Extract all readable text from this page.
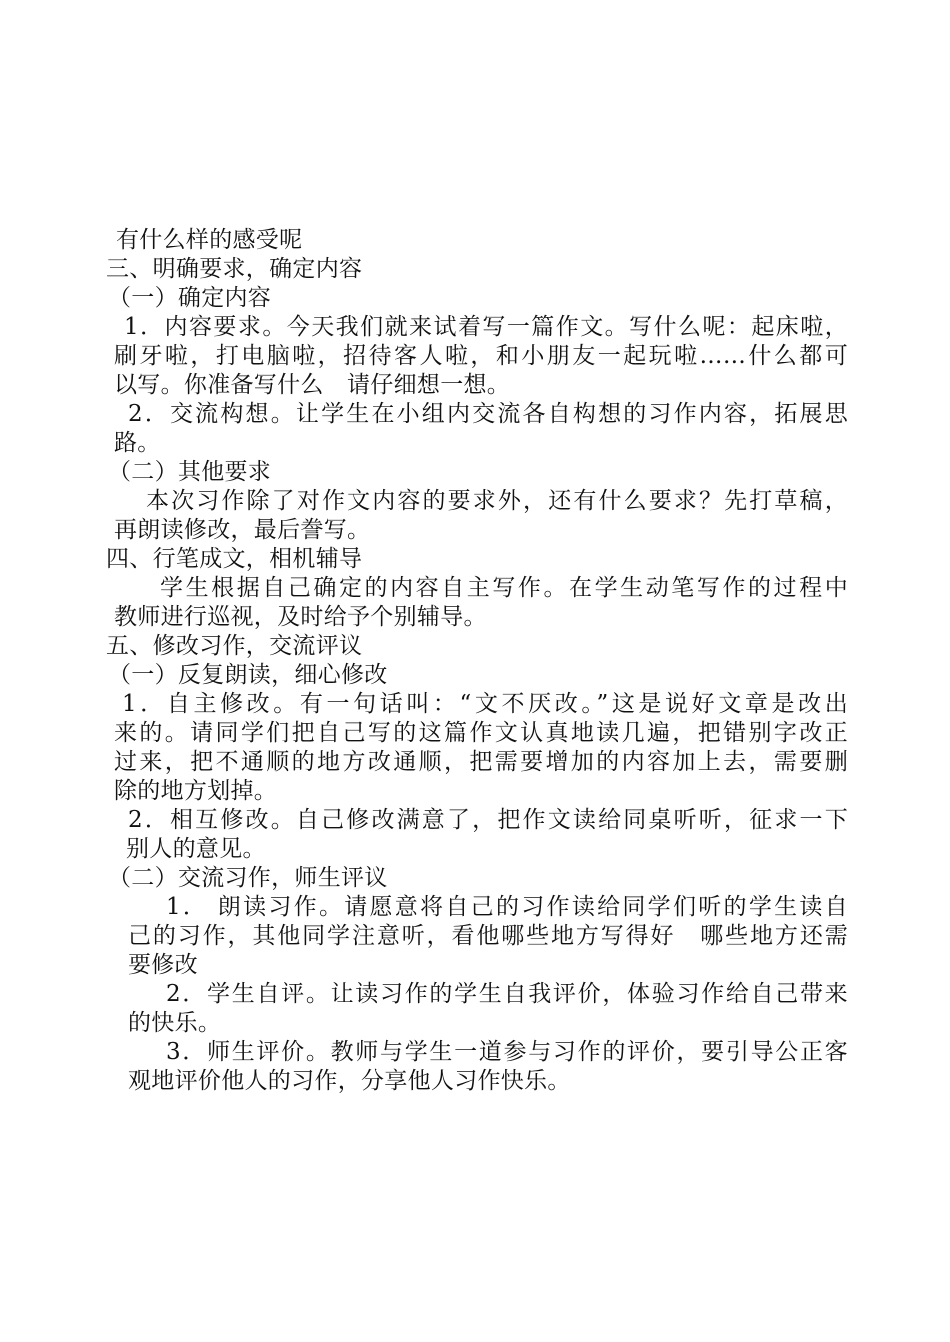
有什么样的感受呢
三、明确要求，确定内容
（一）确定内容
1．内容要求。今天我们就来试着写一篇作文。写什么呢：起床啦，
刷牙啦，打电脑啦，招待客人啦，和小朋友一起玩啦……什么都可
以写。你准备写什么　请仔细想一想。
2．交流构想。让学生在小组内交流各自构想的习作内容，拓展思
路。
（二）其他要求
本次习作除了对作文内容的要求外，还有什么要求？先打草稿，
再朗读修改，最后誊写。
四、行笔成文，相机辅导
学生根据自己确定的内容自主写作。在学生动笔写作的过程中
教师进行巡视，及时给予个别辅导。
五、修改习作，交流评议
（一）反复朗读，细心修改
1．自主修改。有一句话叫：“文不厌改。”这是说好文章是改出
来的。请同学们把自己写的这篇作文认真地读几遍，把错别字改正
过来，把不通顺的地方改通顺，把需要增加的内容加上去，需要删
除的地方划掉。
2．相互修改。自己修改满意了，把作文读给同桌听听，征求一下
别人的意见。
（二）交流习作，师生评议
1． 朗读习作。请愿意将自己的习作读给同学们听的学生读自
己的习作，其他同学注意听，看他哪些地方写得好　哪些地方还需
要修改
2．学生自评。让读习作的学生自我评价，体验习作给自己带来
的快乐。
3．师生评价。教师与学生一道参与习作的评价，要引导公正客
观地评价他人的习作，分享他人习作快乐。
